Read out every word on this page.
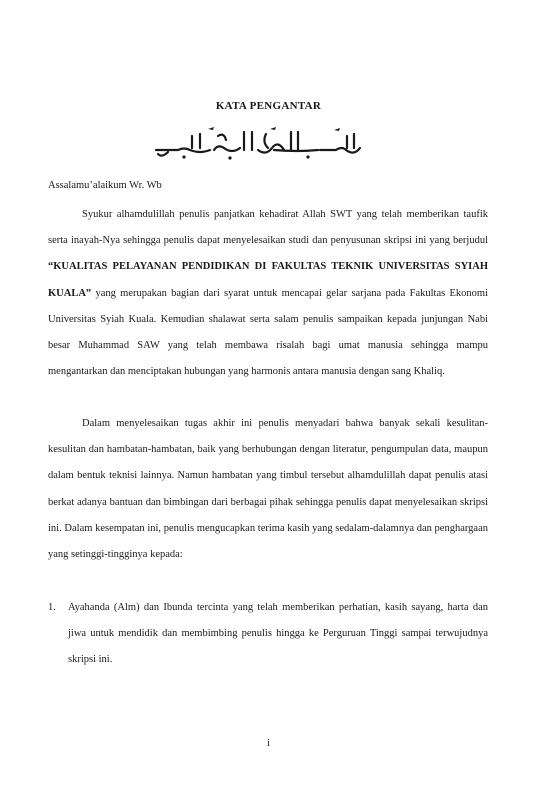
KATA PENGANTAR
Assalamu’alaikum Wr. Wb

Syukur alhamdulillah penulis panjatkan kehadirat Allah SWT yang telah memberikan taufik serta inayah-Nya sehingga penulis dapat menyelesaikan studi dan penyusunan skripsi ini yang berjudul “KUALITAS PELAYANAN PENDIDIKAN DI FAKULTAS TEKNIK UNIVERSITAS SYIAH KUALA” yang merupakan bagian dari syarat untuk mencapai gelar sarjana pada Fakultas Ekonomi Universitas Syiah Kuala. Kemudian shalawat serta salam penulis sampaikan kepada junjungan Nabi besar Muhammad SAW yang telah membawa risalah bagi umat manusia sehingga mampu mengantarkan dan menciptakan hubungan yang harmonis antara manusia dengan sang Khaliq.

Dalam menyelesaikan tugas akhir ini penulis menyadari bahwa banyak sekali kesulitan-kesulitan dan hambatan-hambatan, baik yang berhubungan dengan literatur, pengumpulan data, maupun dalam bentuk teknisi lainnya. Namun hambatan yang timbul tersebut alhamdulillah dapat penulis atasi berkat adanya bantuan dan bimbingan dari berbagai pihak sehingga penulis dapat menyelesaikan skripsi ini. Dalam kesempatan ini, penulis mengucapkan terima kasih yang sedalam-dalamnya dan penghargaan yang setinggi-tingginya kepada:

1.	Ayahanda (Alm) dan Ibunda tercinta yang telah memberikan perhatian, kasih sayang, harta dan jiwa untuk mendidik dan membimbing penulis hingga ke Perguruan Tinggi sampai terwujudnya skripsi ini.
i
